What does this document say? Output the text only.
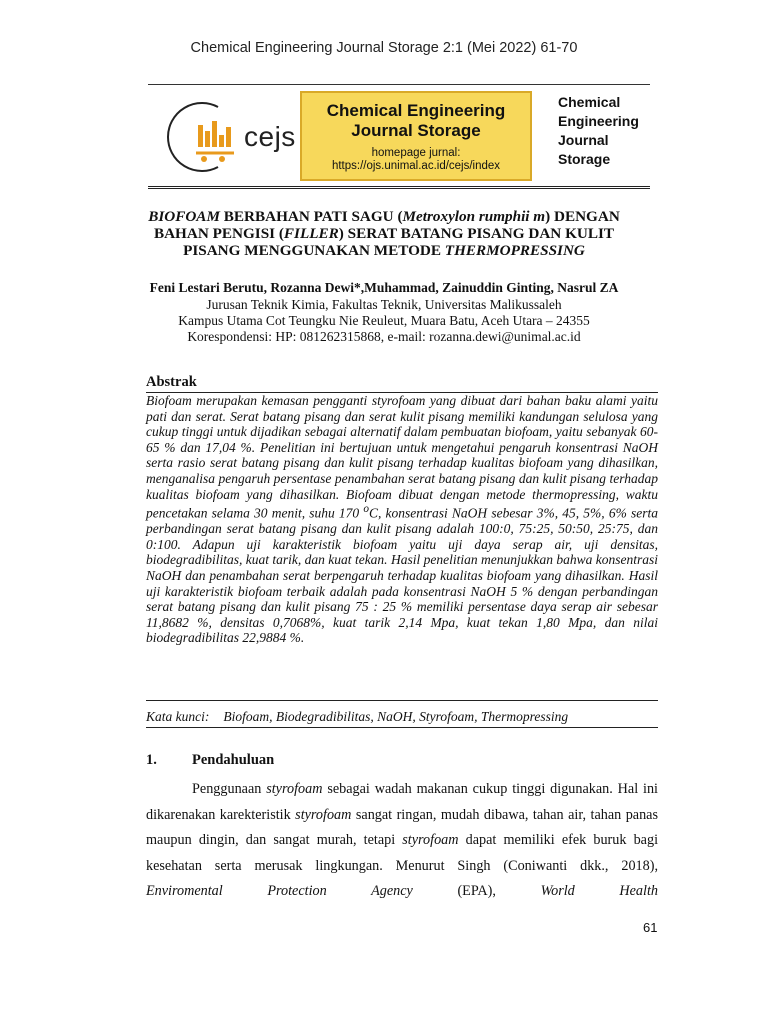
Chemical Engineering Journal Storage 2:1 (Mei 2022) 61-70
cejs
Chemical Engineering
Journal Storage
homepage jurnal:
https://ojs.unimal.ac.id/cejs/index
Chemical
Engineering
Journal
Storage
BIOFOAM BERBAHAN PATI SAGU (Metroxylon rumphii m) DENGAN BAHAN PENGISI (FILLER) SERAT BATANG PISANG DAN KULIT PISANG MENGGUNAKAN METODE THERMOPRESSING
Feni Lestari Berutu, Rozanna Dewi*,Muhammad, Zainuddin Ginting, Nasrul ZA
Jurusan Teknik Kimia, Fakultas Teknik, Universitas Malikussaleh
Kampus Utama Cot Teungku Nie Reuleut, Muara Batu, Aceh Utara – 24355
Korespondensi: HP: 081262315868, e-mail: rozanna.dewi@unimal.ac.id
Abstrak
Biofoam merupakan kemasan pengganti styrofoam yang dibuat dari bahan baku alami yaitu pati dan serat. Serat batang pisang dan serat kulit pisang memiliki kandungan selulosa yang cukup tinggi untuk dijadikan sebagai alternatif dalam pembuatan biofoam, yaitu sebanyak 60-65 % dan 17,04 %. Penelitian ini bertujuan untuk mengetahui pengaruh konsentrasi NaOH serta rasio serat batang pisang dan kulit pisang terhadap kualitas biofoam yang dihasilkan, menganalisa pengaruh persentase penambahan serat batang pisang dan kulit pisang terhadap kualitas biofoam yang dihasilkan. Biofoam dibuat dengan metode thermopressing, waktu pencetakan selama 30 menit, suhu 170 $^o$C, konsentrasi NaOH sebesar 3%, 45, 5%, 6% serta perbandingan serat batang pisang dan kulit pisang adalah 100:0, 75:25, 50:50, 25:75, dan 0:100. Adapun uji karakteristik biofoam yaitu uji daya serap air, uji densitas, biodegradibilitas, kuat tarik, dan kuat tekan. Hasil penelitian menunjukkan bahwa konsentrasi NaOH dan penambahan serat berpengaruh terhadap kualitas biofoam yang dihasilkan. Hasil uji karakteristik biofoam terbaik adalah pada konsentrasi NaOH 5 % dengan perbandingan serat batang pisang dan kulit pisang 75 : 25 % memiliki persentase daya serap air sebesar 11,8682 %, densitas 0,7068%, kuat tarik 2,14 Mpa, kuat tekan 1,80 Mpa, dan nilai biodegradibilitas 22,9884 %.
Kata kunci: Biofoam, Biodegradibilitas, NaOH, Styrofoam, Thermopressing
1. Pendahuluan
Penggunaan styrofoam sebagai wadah makanan cukup tinggi digunakan. Hal ini dikarenakan karekteristik styrofoam sangat ringan, mudah dibawa, tahan air, tahan panas maupun dingin, dan sangat murah, tetapi styrofoam dapat memiliki efek buruk bagi kesehatan serta merusak lingkungan. Menurut Singh (Coniwanti dkk., 2018), Enviromental Protection Agency (EPA), World Health
61
